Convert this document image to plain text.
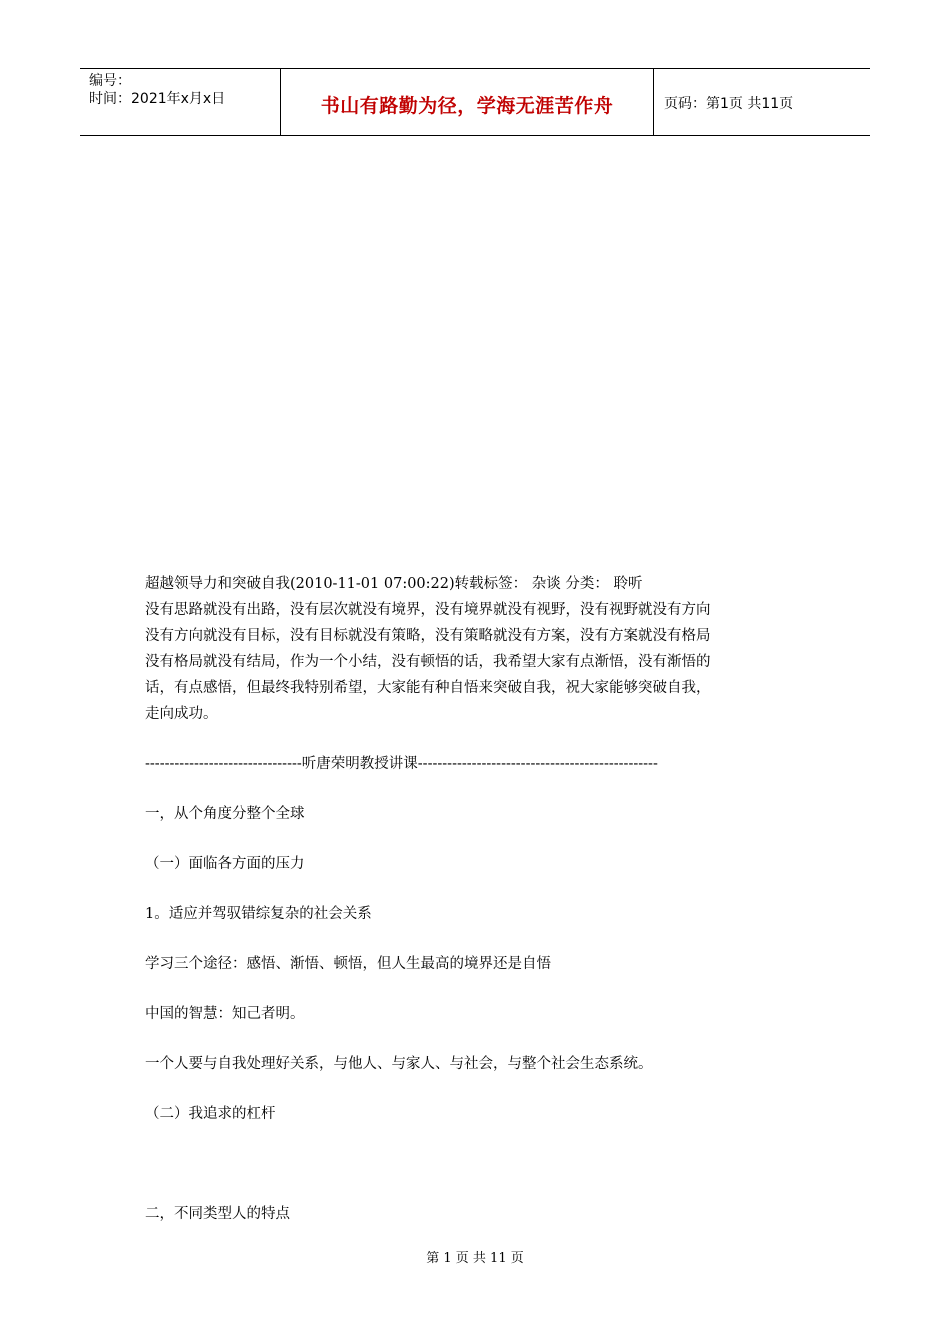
编号：
时间：2021年x月x日	书山有路勤为径，学海无涯苦作舟	页码：第1页 共11页

超越领导力和突破自我(2010-11-01 07:00:22)转载标签： 杂谈 分类： 聆听

没有思路就没有出路，没有层次就没有境界，没有境界就没有视野，没有视野就没有方向

没有方向就没有目标，没有目标就没有策略，没有策略就没有方案，没有方案就没有格局

没有格局就没有结局，作为一个小结，没有顿悟的话，我希望大家有点渐悟，没有渐悟的

话，有点感悟，但最终我特别希望，大家能有种自悟来突破自我，祝大家能够突破自我，

走向成功。

--------------------------------听唐荣明教授讲课-------------------------------------------------

一，从个角度分整个全球

（一）面临各方面的压力

1。适应并驾驭错综复杂的社会关系

学习三个途径：感悟、渐悟、顿悟，但人生最高的境界还是自悟

中国的智慧：知己者明。

一个人要与自我处理好关系，与他人、与家人、与社会，与整个社会生态系统。

（二）我追求的杠杆

二，不同类型人的特点

第 1 页 共 11 页
